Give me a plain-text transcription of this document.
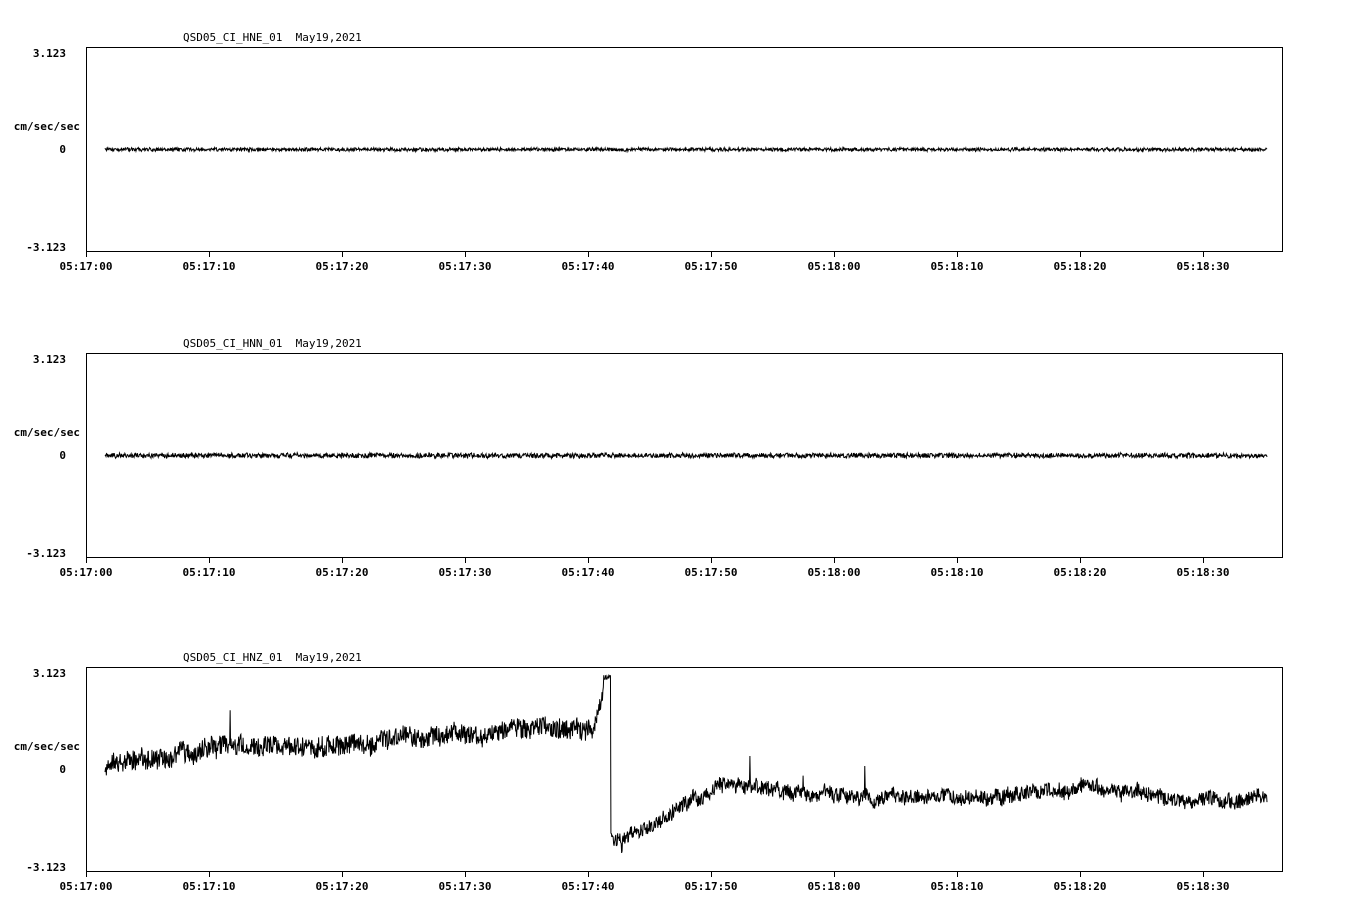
QSD05_CI_HNE_01  May19,2021
3.123
cm/sec/sec
0
-3.123
05:17:00	05:17:10	05:17:20	05:17:30	05:17:40	05:17:50	05:18:00	05:18:10	05:18:20	05:18:30
QSD05_CI_HNN_01  May19,2021
3.123
cm/sec/sec
0
-3.123
05:17:00	05:17:10	05:17:20	05:17:30	05:17:40	05:17:50	05:18:00	05:18:10	05:18:20	05:18:30
QSD05_CI_HNZ_01  May19,2021
3.123
cm/sec/sec
0
-3.123
05:17:00	05:17:10	05:17:20	05:17:30	05:17:40	05:17:50	05:18:00	05:18:10	05:18:20	05:18:30
